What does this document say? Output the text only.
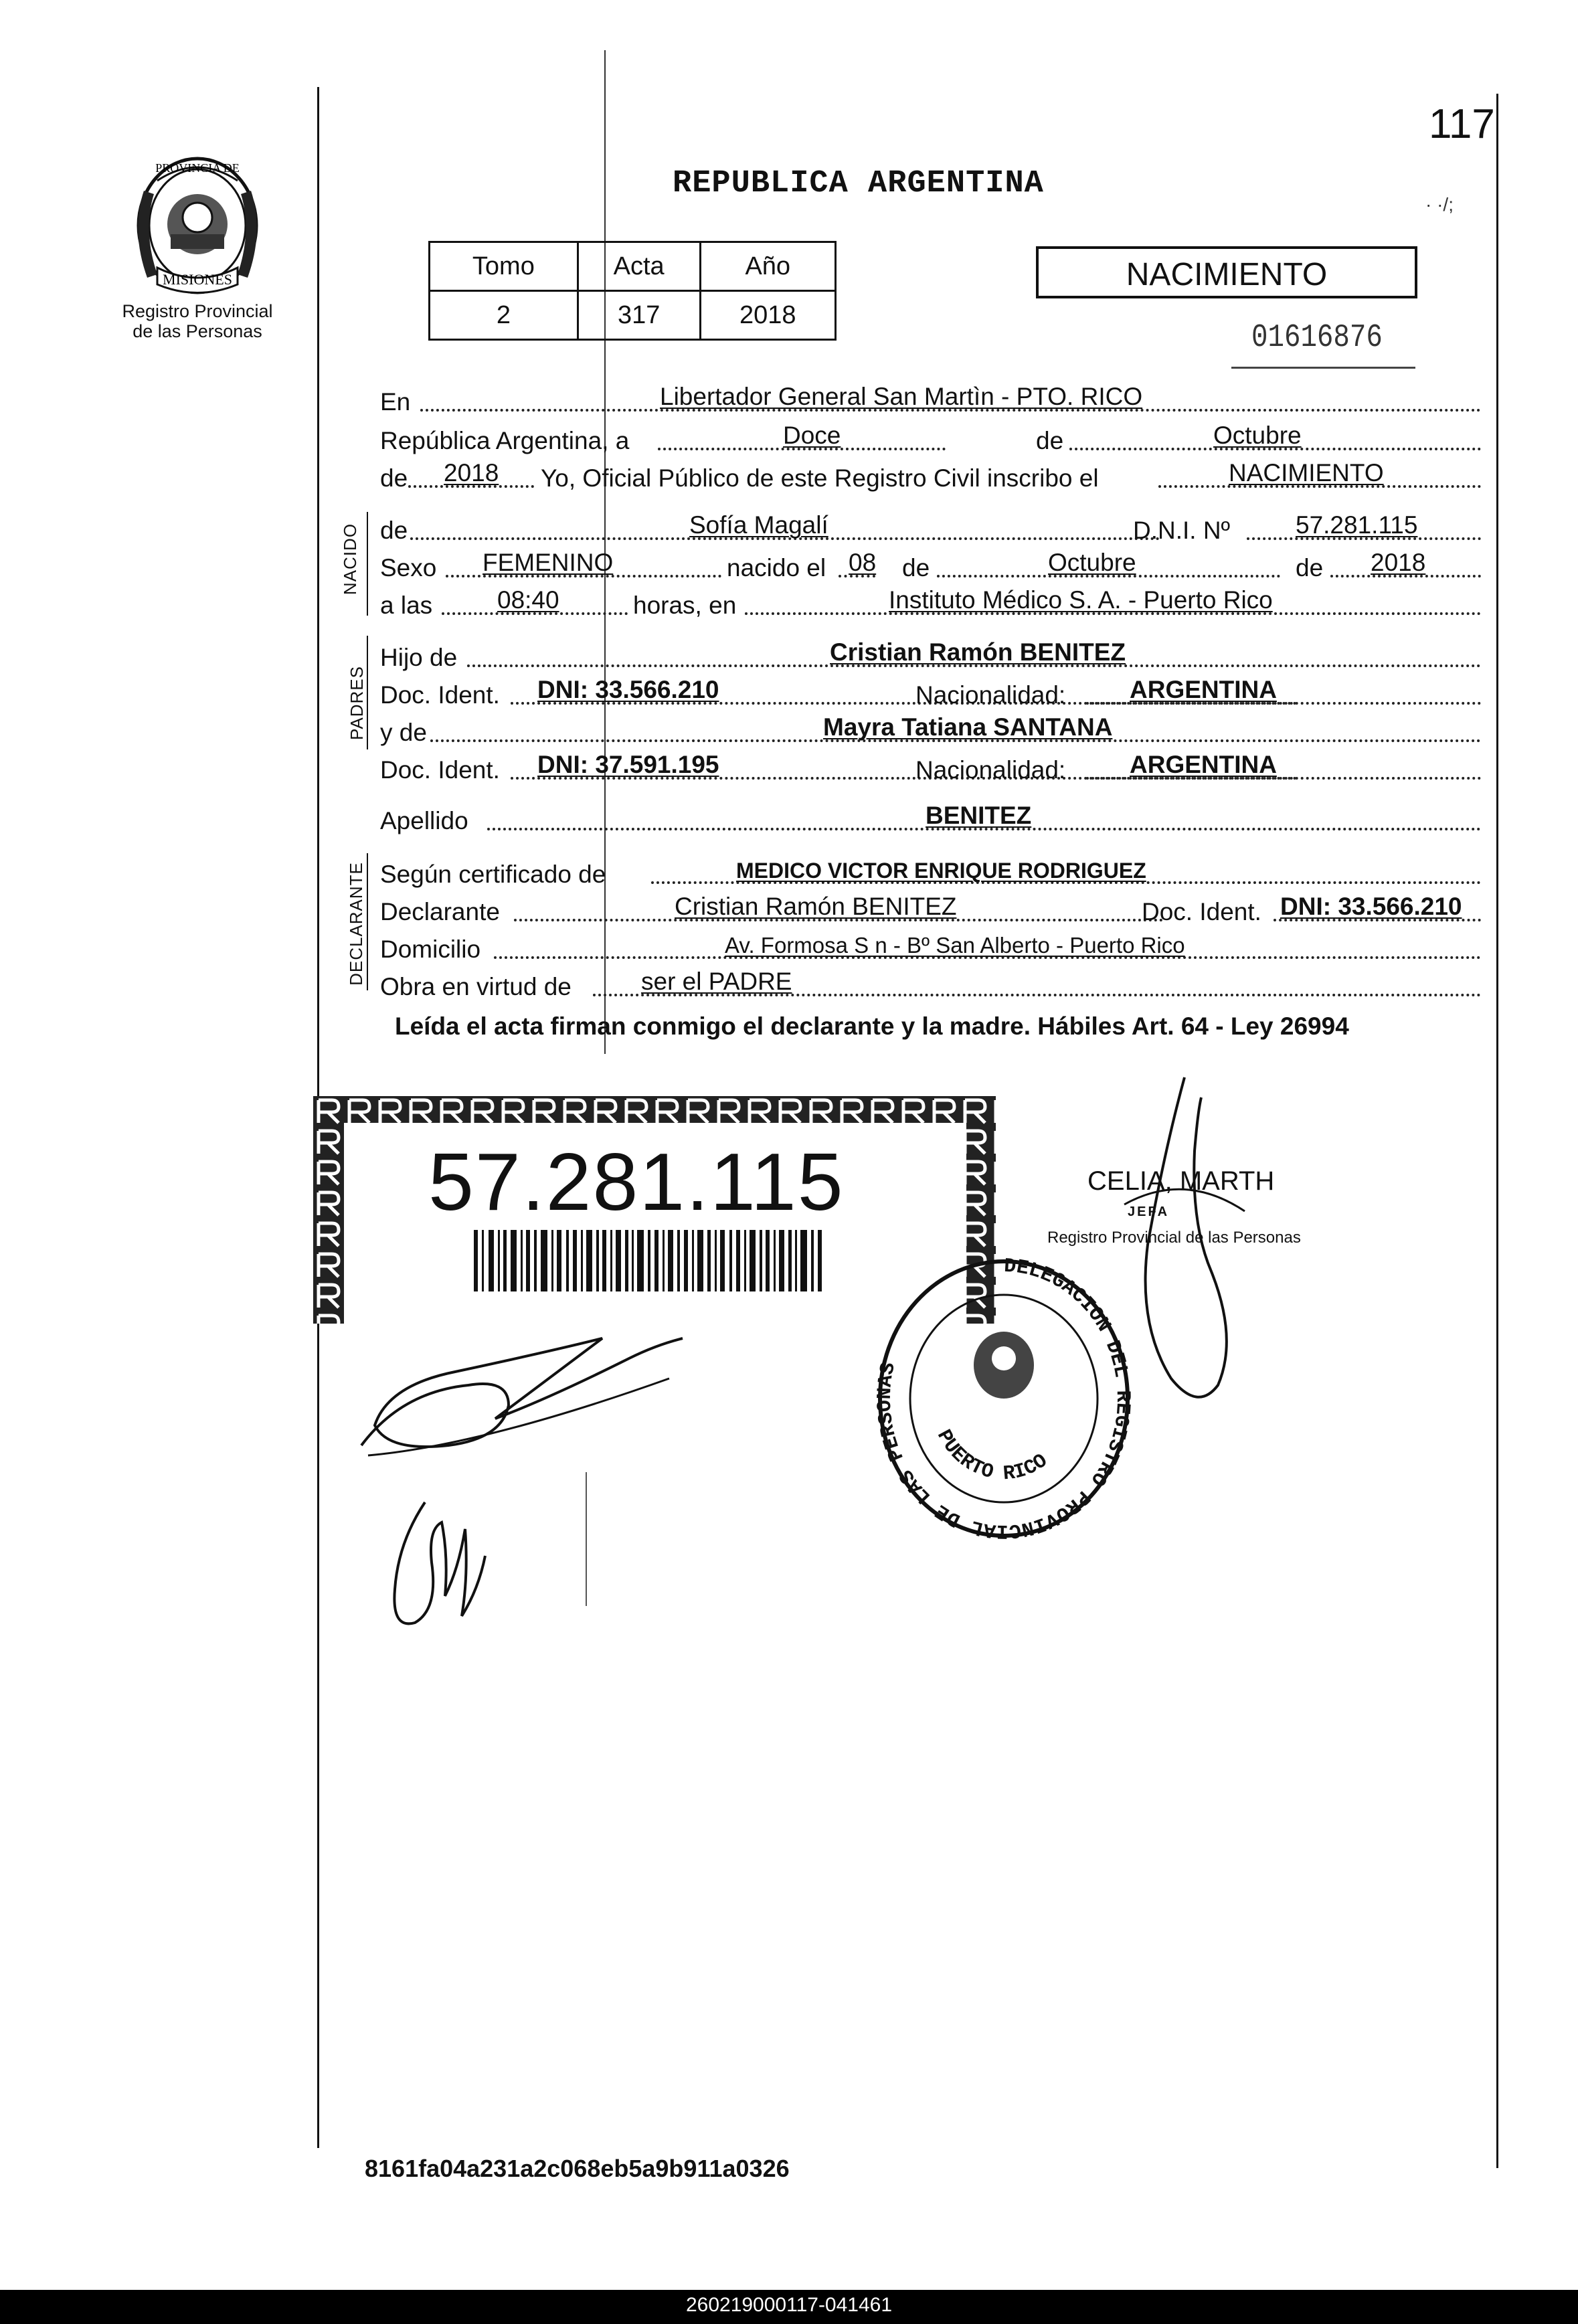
PROVINCIA DE
MISIONES
Registro Provincial
de las Personas
117
REPUBLICA ARGENTINA
· ·/;
Tomo	Acta	Año
2	317	2018
NACIMIENTO
01616876
En	Libertador General San Martìn - PTO. RICO
República Argentina, a	Doce	de	Octubre
de 2018 Yo, Oficial Público de este Registro Civil inscribo el	NACIMIENTO
NACIDO de	Sofía Magalí	D.N.I. Nº	57.281.115
Sexo FEMENINO	nacido el 08 de	Octubre	de 2018
a las	08:40	horas, en	Instituto Médico S. A. - Puerto Rico
PADRES
Hijo de	Cristian Ramón BENITEZ
Doc. Ident. DNI: 33.566.210	Nacionalidad:	ARGENTINA
y de	Mayra Tatiana SANTANA
Doc. Ident. DNI: 37.591.195	Nacionalidad:	ARGENTINA
Apellido	BENITEZ
DECLARANTE Según certificado de	MEDICO VICTOR ENRIQUE RODRIGUEZ
Declarante	Cristian Ramón BENITEZ	Doc. Ident. DNI: 33.566.210
Domicilio	Av. Formosa S n - Bº San Alberto - Puerto Rico
Obra en virtud de	ser el PADRE
Leída el acta firman conmigo el declarante y la madre. Hábiles Art. 64 - Ley 26994
57.281.115	CELIA, MARTH
JEFA
Registro Provincial de las Personas
DELEGACION DEL REGISTRO PROVINCIAL DE LAS PERSONAS
PUERTO RICO
8161fa04a231a2c068eb5a9b911a0326
260219000117-041461
